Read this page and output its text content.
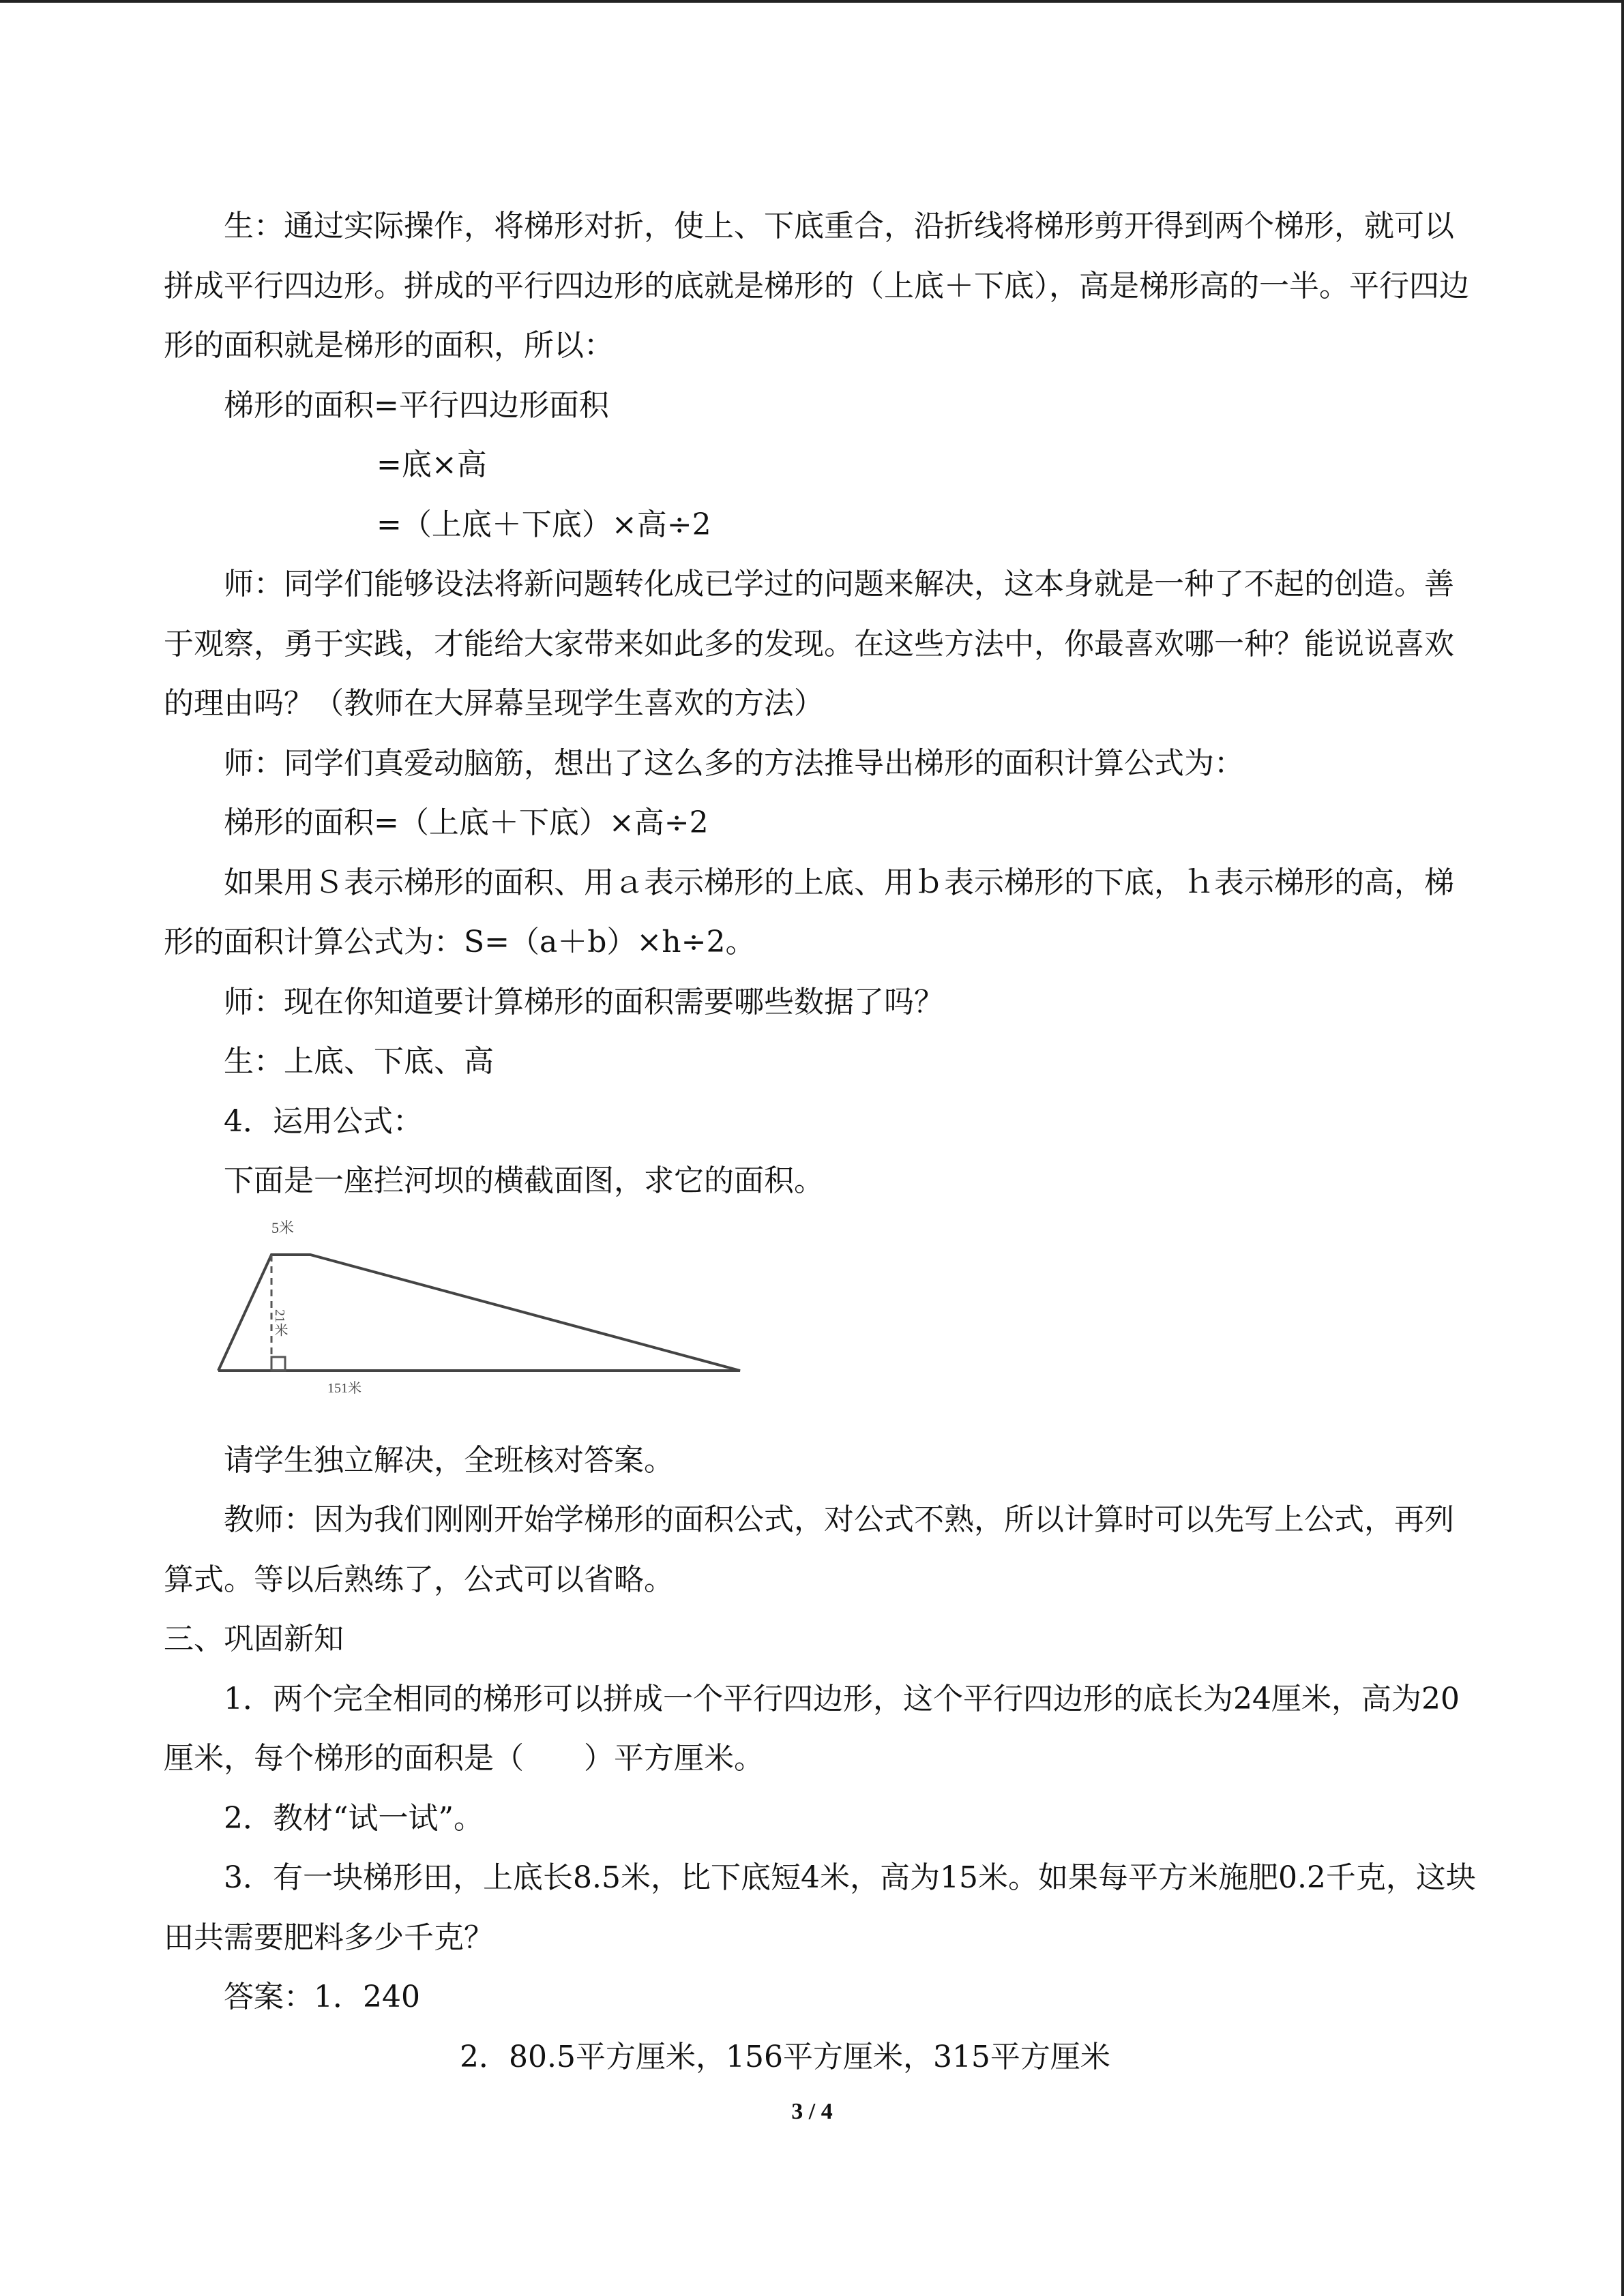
生：通过实际操作，将梯形对折，使上、下底重合，沿折线将梯形剪开得到两个梯形，就可以拼成平行四边形。拼成的平行四边形的底就是梯形的（上底＋下底），高是梯形高的一半。平行四边形的面积就是梯形的面积，所以：

梯形的面积=平行四边形面积

=底×高

=（上底＋下底）×高÷2

师：同学们能够设法将新问题转化成已学过的问题来解决，这本身就是一种了不起的创造。善于观察，勇于实践，才能给大家带来如此多的发现。在这些方法中，你最喜欢哪一种？能说说喜欢的理由吗？（教师在大屏幕呈现学生喜欢的方法）

师：同学们真爱动脑筋，想出了这么多的方法推导出梯形的面积计算公式为：

梯形的面积=（上底＋下底）×高÷2

如果用Ｓ表示梯形的面积、用ａ表示梯形的上底、用ｂ表示梯形的下底，ｈ表示梯形的高，梯形的面积计算公式为：S=（a＋b）×h÷2。

师：现在你知道要计算梯形的面积需要哪些数据了吗？

生：上底、下底、高

4．运用公式：

下面是一座拦河坝的横截面图，求它的面积。

5米
21米
151米

请学生独立解决，全班核对答案。

教师：因为我们刚刚开始学梯形的面积公式，对公式不熟，所以计算时可以先写上公式，再列算式。等以后熟练了，公式可以省略。

三、巩固新知

1．两个完全相同的梯形可以拼成一个平行四边形，这个平行四边形的底长为24厘米，高为20厘米，每个梯形的面积是（　　）平方厘米。

2．教材“试一试”。

3．有一块梯形田，上底长8.5米，比下底短4米，高为15米。如果每平方米施肥0.2千克，这块田共需要肥料多少千克？

答案：1．240

2．80.5平方厘米，156平方厘米，315平方厘米

3 / 4
